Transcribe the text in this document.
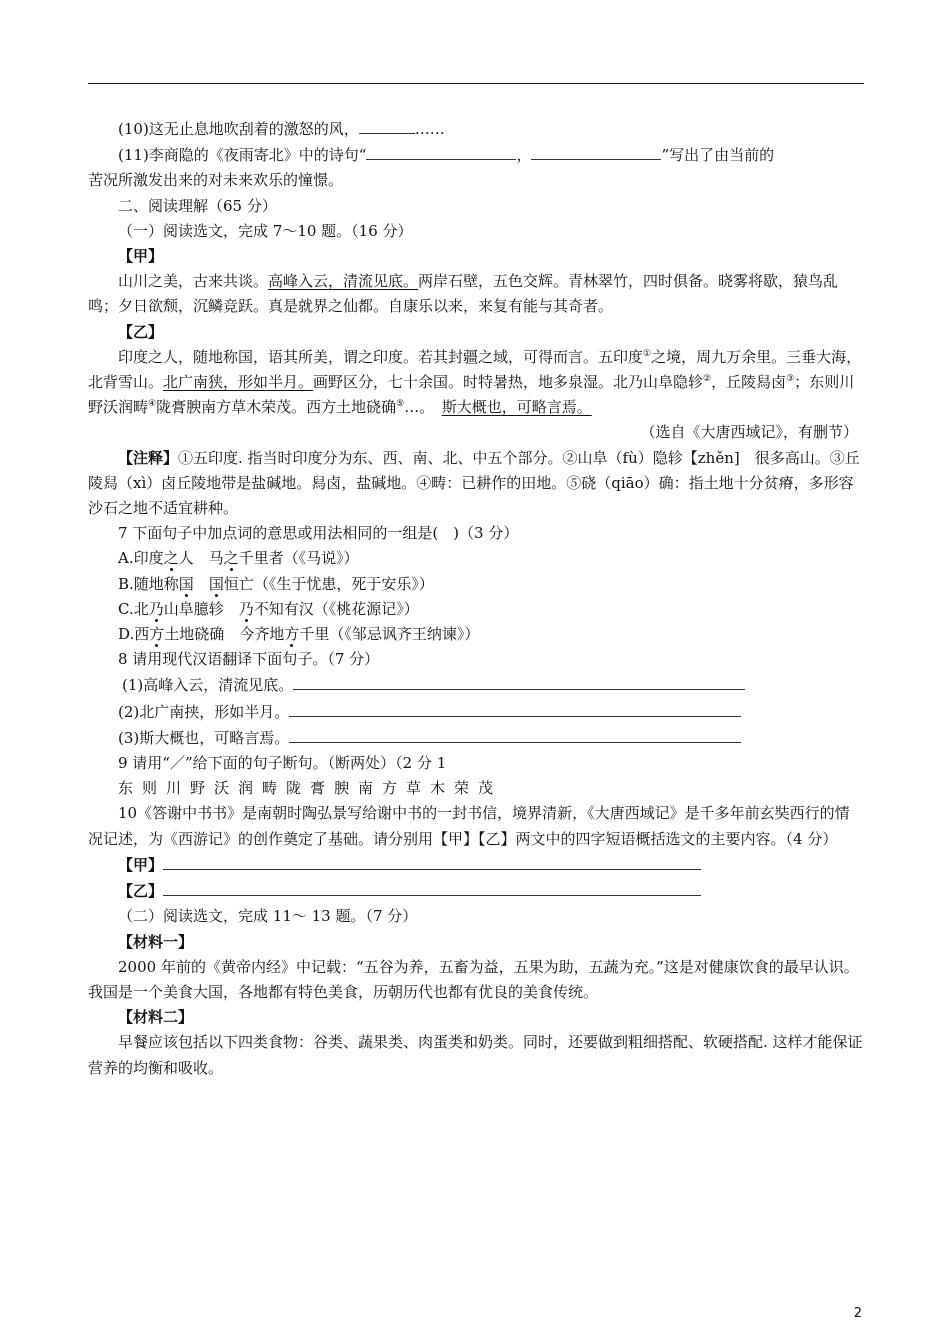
(10)这无止息地吹刮着的激怒的风，	……

(11)李商隐的《夜雨寄北》中的诗句“	，	”写出了由当前的

苦况所激发出来的对未来欢乐的憧憬。

二、阅读理解（65 分）

（一）阅读选文，完成 7～10 题。（16 分）

【甲】

山川之美，古来共谈。高峰入云，清流见底。两岸石壁，五色交辉。青林翠竹，四时俱备。晓雾将歇，猿鸟乱鸣；夕日欲颓，沉鳞竞跃。真是就界之仙都。自康乐以来，来复有能与其奇者。

【乙】

印度之人，随地称国，语其所美，谓之印度。若其封疆之域，可得而言。五印度①之境，周九万余里。三垂大海，北背雪山。北广南狭，形如半月。画野区分，七十余国。时特暑热，地多泉湿。北乃山阜隐轸②，丘陵舄卤③；东则川野沃润畴④陇膏腴南方草木荣茂。西方土地硗确⑤…。　 斯大概也，可略言焉。

（选自《大唐西域记》，有删节）

【注释】①五印度. 指当时印度分为东、西、南、北、中五个部分。②山阜（fù）隐轸【zhěn]　很多高山。③丘陵舄（xì）卤丘陵地带是盐碱地。舄卤，盐碱地。④畴：已耕作的田地。⑤硗（qiāo）确：指土地十分贫瘠，多形容沙石之地不适宜耕种。

7 下面句子中加点词的意思或用法相同的一组是(　)（3 分）

A.印度之人　马之千里者（《马说》）

B.随地称国　 国恒亡（《生于忧患，死于安乐》）

C.北乃山阜臆轸　乃不知有汉（《桃花源记》）

D.西方土地硗确　今齐地方千里（《邹忌讽齐王纳谏》）

8 请用现代汉语翻译下面句子。（7 分）

(1)高峰入云，清流见底。

(2)北广南挟，形如半月。

(3)斯大概也，可略言焉。

9 请用“／”给下面的句子断句。（断两处）（2 分 1

东则川野沃润畴陇膏腴南方草木荣茂

10《答谢中书书》是南朝时陶弘景写给谢中书的一封书信，境界清新，《大唐西域记》是千多年前玄奘西行的情况记述，为《西游记》的创作奠定了基础。请分别用【甲】【乙】两文中的四字短语概括选文的主要内容。（4 分）

【甲】

【乙】

（二）阅读选文，完成 11～ 13 题。（7 分）

【材料一】

2000 年前的《黄帝内经》中记载：“五谷为养，五畜为益，五果为助，五蔬为充。”这是对健康饮食的最早认识。我国是一个美食大国，各地都有特色美食，历朝历代也都有优良的美食传统。

【材料二】

早餐应该包括以下四类食物：谷类、蔬果类、肉蛋类和奶类。同时，还要做到粗细搭配、软硬搭配. 这样才能保证营养的均衡和吸收。

2
